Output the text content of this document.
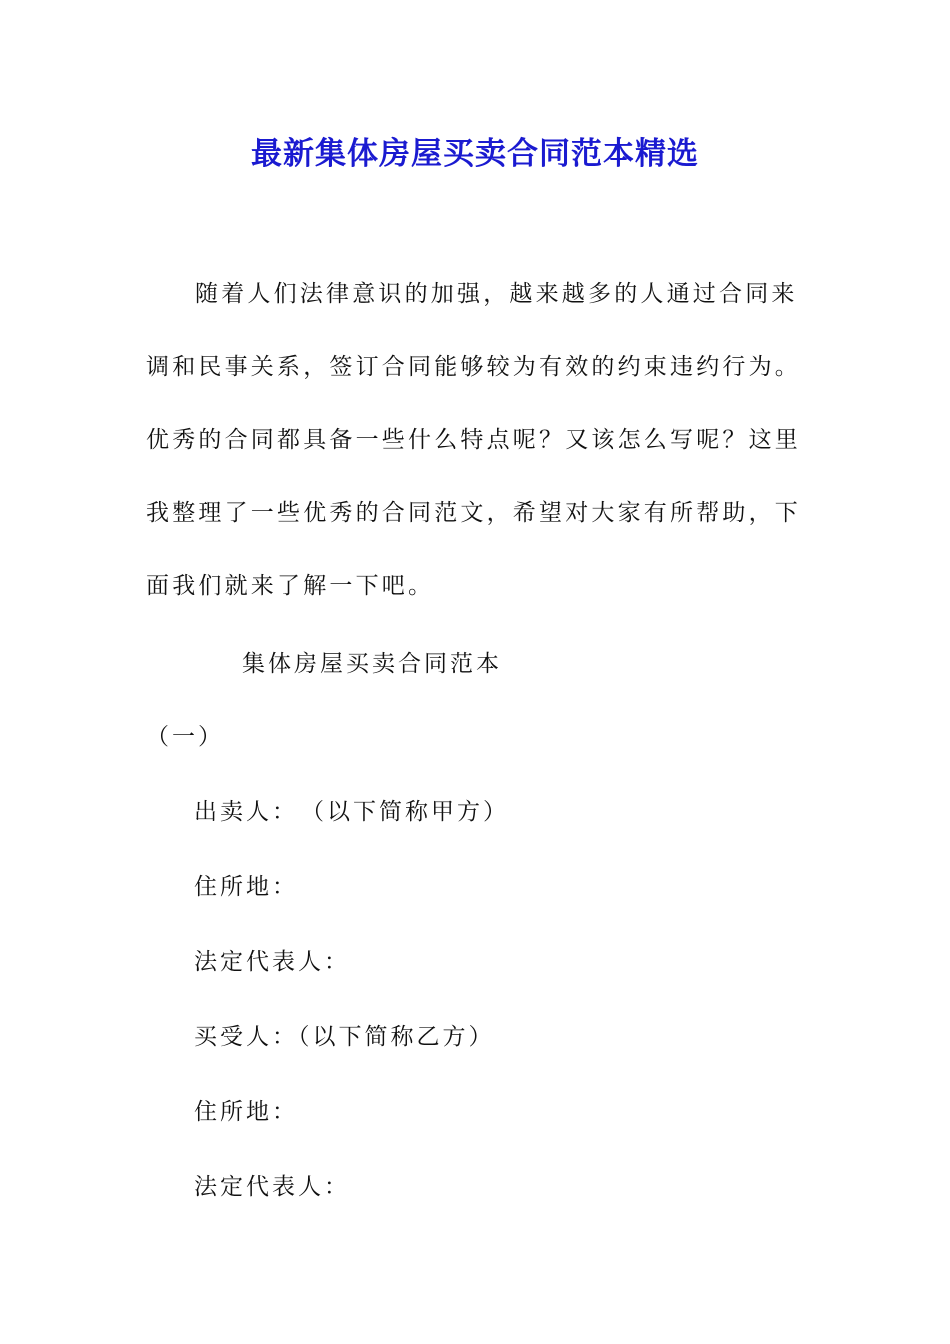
最新集体房屋买卖合同范本精选

随着人们法律意识的加强，越来越多的人通过合同来调和民事关系，签订合同能够较为有效的约束违约行为。优秀的合同都具备一些什么特点呢？又该怎么写呢？这里我整理了一些优秀的合同范文，希望对大家有所帮助，下面我们就来了解一下吧。

集体房屋买卖合同范本

（一）

出卖人：　（以下简称甲方）

住所地：

法定代表人：

买受人：（以下简称乙方）

住所地：

法定代表人：
